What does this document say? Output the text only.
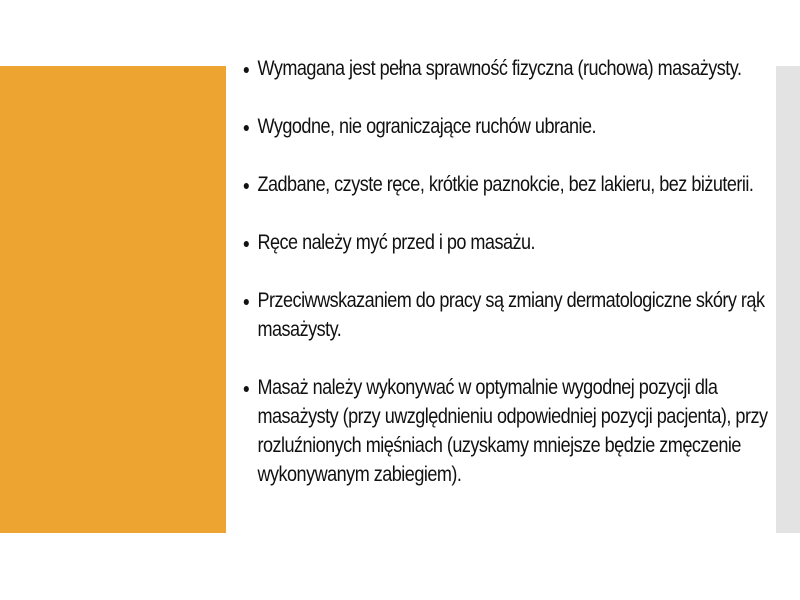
Wymagana jest pełna sprawność fizyczna (ruchowa) masażysty.
Wygodne, nie ograniczające ruchów ubranie.
Zadbane, czyste ręce, krótkie paznokcie, bez lakieru, bez biżuterii.
Ręce należy myć przed i po masażu.
Przeciwwskazaniem do pracy są zmiany dermatologiczne skóry rąk masażysty.
Masaż należy wykonywać w optymalnie wygodnej pozycji dla masażysty (przy uwzględnieniu odpowiedniej pozycji pacjenta), przy rozluźnionych mięśniach (uzyskamy mniejsze będzie zmęczenie wykonywanym zabiegiem).
